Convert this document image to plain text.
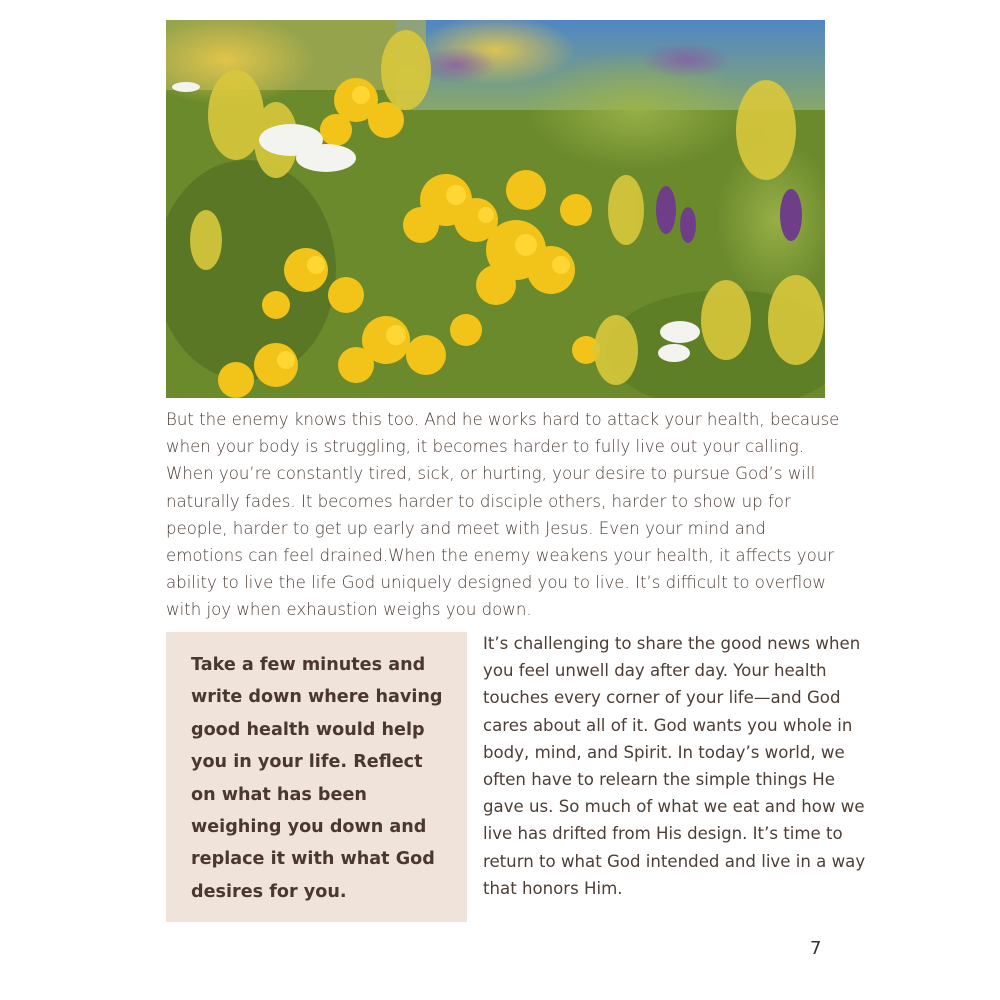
But the enemy knows this too. And he works hard to attack your health, because when your body is struggling, it becomes harder to fully live out your calling. When you’re constantly tired, sick, or hurting, your desire to pursue God’s will naturally fades. It becomes harder to disciple others, harder to show up for people, harder to get up early and meet with Jesus. Even your mind and emotions can feel drained.When the enemy weakens your health, it affects your ability to live the life God uniquely designed you to live. It’s difficult to overflow with joy when exhaustion weighs you down.

Take a few minutes and write down where having good health would help you in your life. Reflect on what has been weighing you down and replace it with what God desires for you.

It’s challenging to share the good news when you feel unwell day after day. Your health touches every corner of your life—and God cares about all of it. God wants you whole in body, mind, and Spirit. In today’s world, we often have to relearn the simple things He gave us. So much of what we eat and how we live has drifted from His design. It’s time to return to what God intended and live in a way that honors Him.

7
